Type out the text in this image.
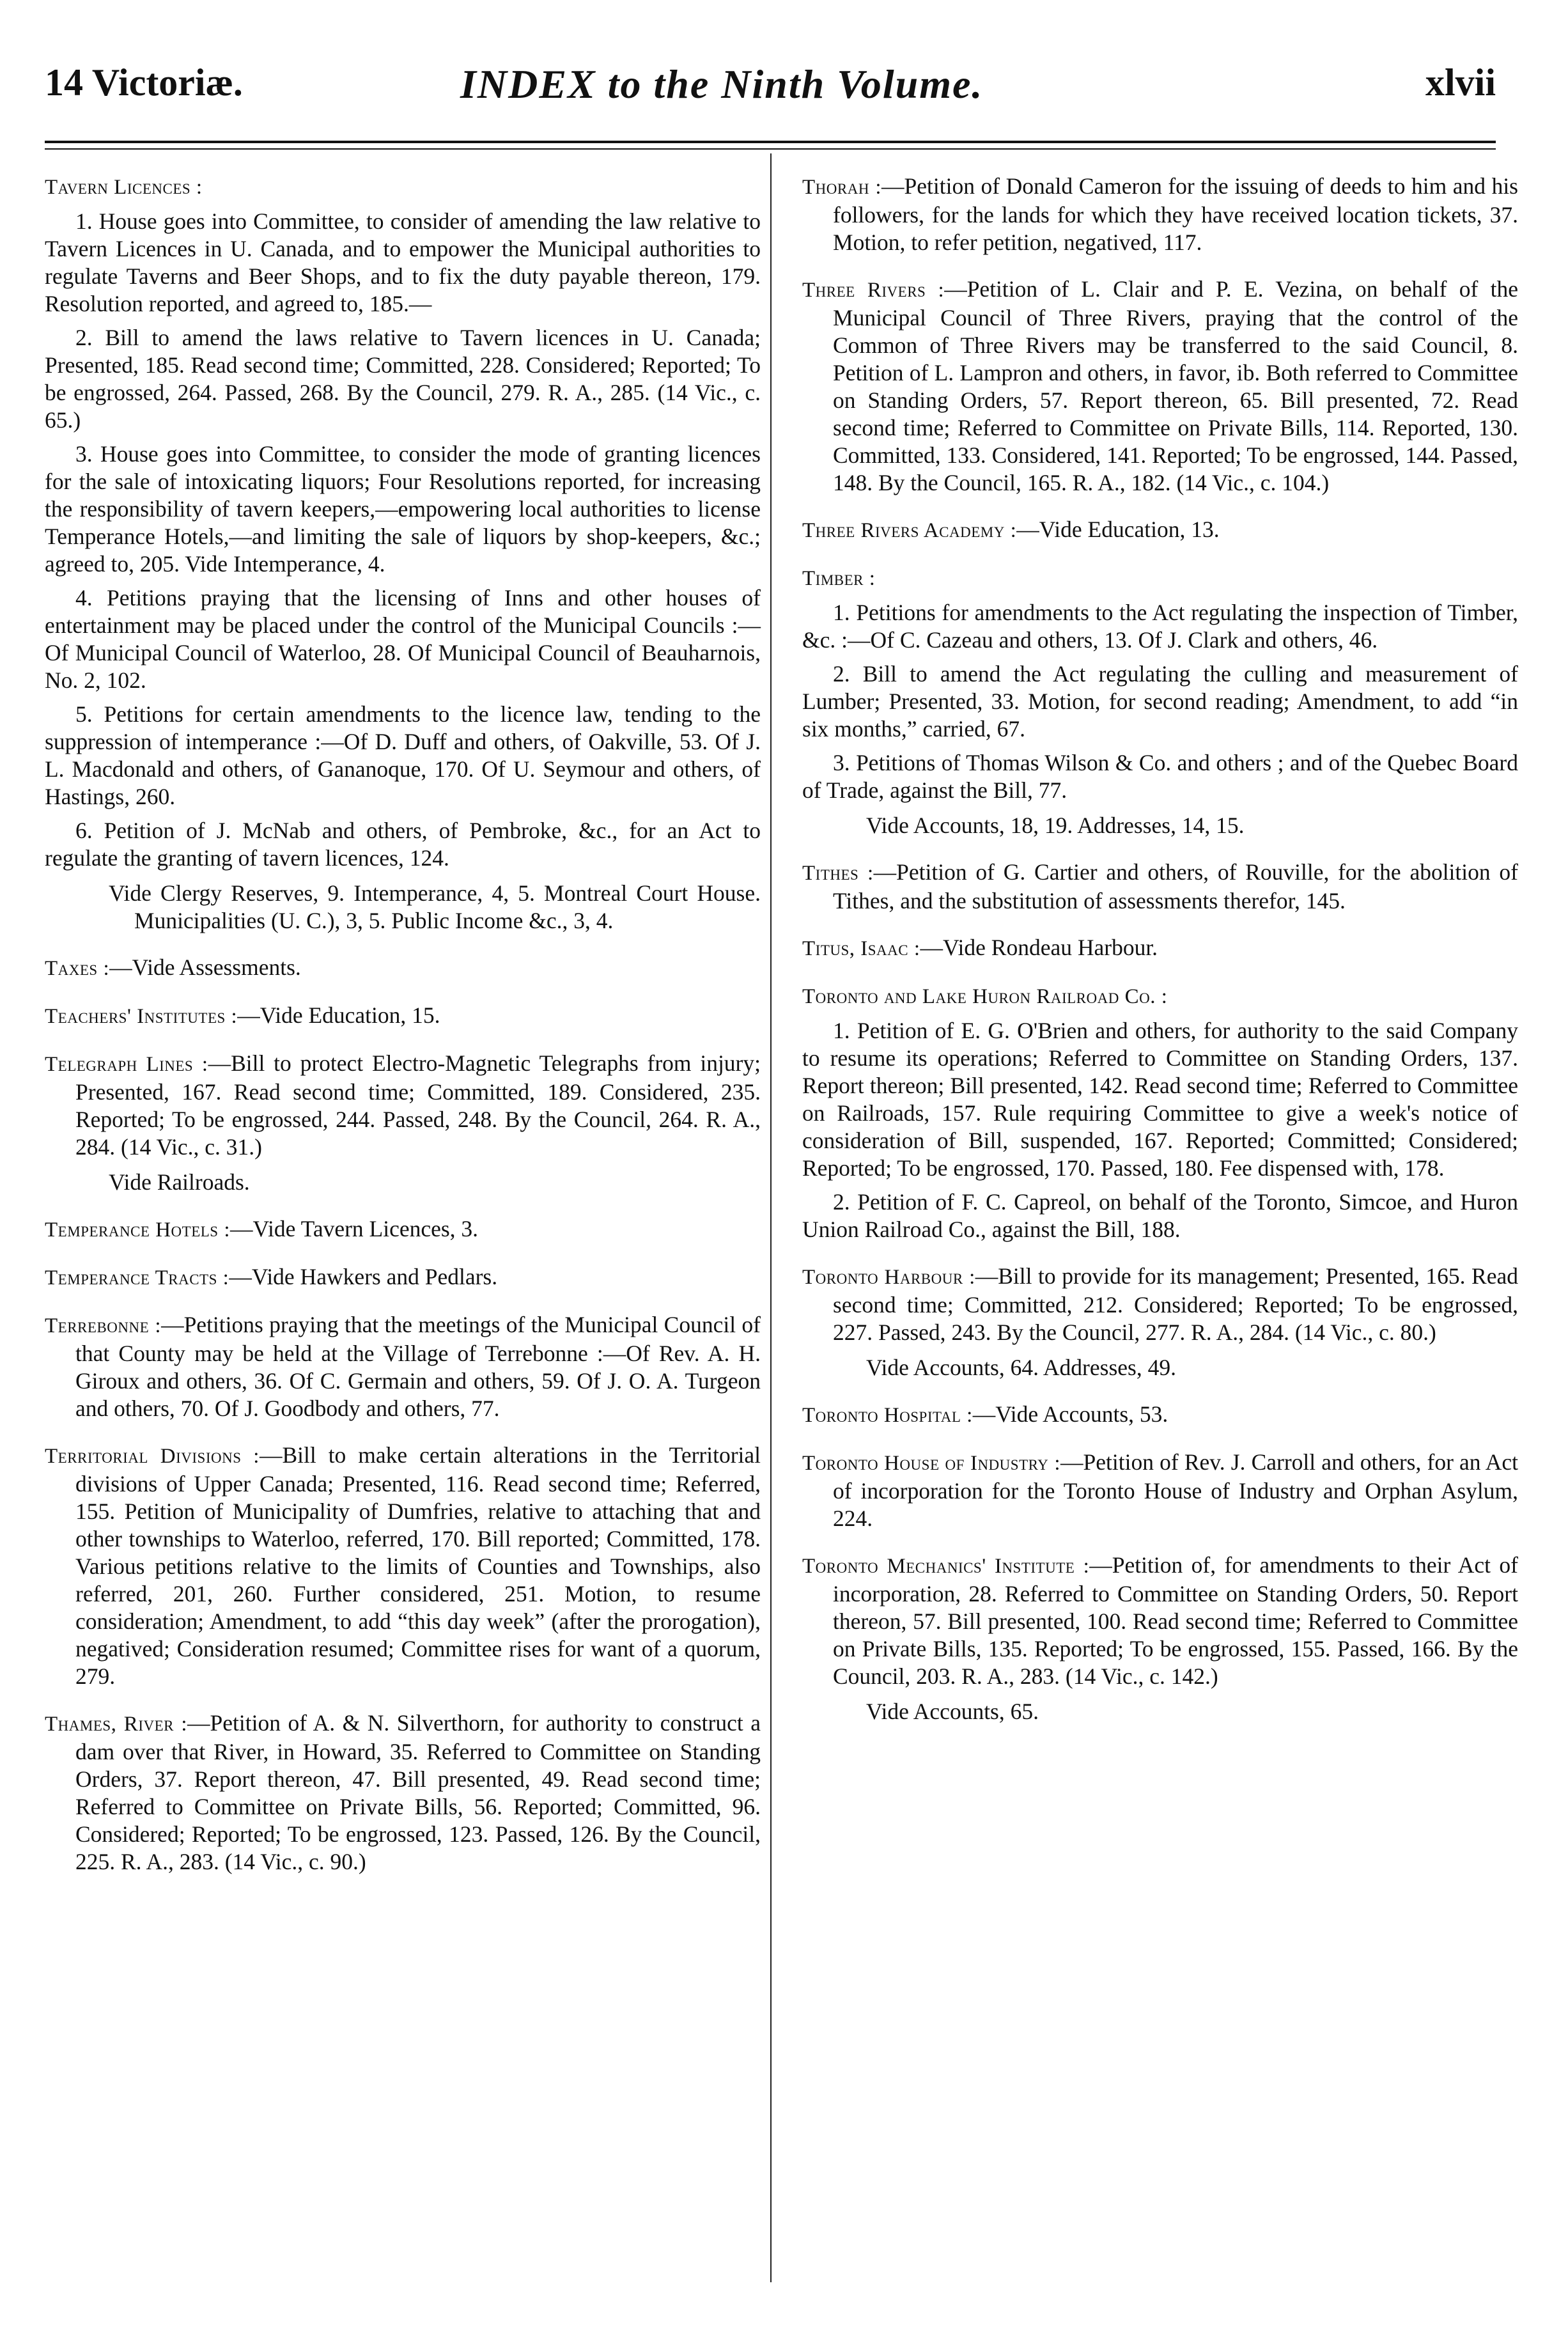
14 Victoriæ.	INDEX to the Ninth Volume.	xlvii

Tavern Licences :

1. House goes into Committee, to consider of amending the law relative to Tavern Licences in U. Canada, and to empower the Municipal authorities to regulate Taverns and Beer Shops, and to fix the duty payable thereon, 179. Resolution reported, and agreed to, 185.—

2. Bill to amend the laws relative to Tavern licences in U. Canada; Presented, 185. Read second time; Committed, 228. Considered; Reported; To be engrossed, 264. Passed, 268. By the Council, 279. R. A., 285. (14 Vic., c. 65.)

3. House goes into Committee, to consider the mode of granting licences for the sale of intoxicating liquors; Four Resolutions reported, for increasing the responsibility of tavern keepers,—empowering local authorities to license Temperance Hotels,—and limiting the sale of liquors by shop-keepers, &c.; agreed to, 205. Vide Intemperance, 4.

4. Petitions praying that the licensing of Inns and other houses of entertainment may be placed under the control of the Municipal Councils :—Of Municipal Council of Waterloo, 28. Of Municipal Council of Beauharnois, No. 2, 102.

5. Petitions for certain amendments to the licence law, tending to the suppression of intemperance :—Of D. Duff and others, of Oakville, 53. Of J. L. Macdonald and others, of Gananoque, 170. Of U. Seymour and others, of Hastings, 260.

6. Petition of J. McNab and others, of Pembroke, &c., for an Act to regulate the granting of tavern licences, 124.

Vide Clergy Reserves, 9. Intemperance, 4, 5. Montreal Court House. Municipalities (U. C.), 3, 5. Public Income &c., 3, 4.

Taxes :—Vide Assessments.

Teachers' Institutes :—Vide Education, 15.

Telegraph Lines :—Bill to protect Electro-Magnetic Telegraphs from injury; Presented, 167. Read second time; Committed, 189. Considered, 235. Reported; To be engrossed, 244. Passed, 248. By the Council, 264. R. A., 284. (14 Vic., c. 31.)

Vide Railroads.

Temperance Hotels :—Vide Tavern Licences, 3.

Temperance Tracts :—Vide Hawkers and Pedlars.

Terrebonne :—Petitions praying that the meetings of the Municipal Council of that County may be held at the Village of Terrebonne :—Of Rev. A. H. Giroux and others, 36. Of C. Germain and others, 59. Of J. O. A. Turgeon and others, 70. Of J. Goodbody and others, 77.

Territorial Divisions :—Bill to make certain alterations in the Territorial divisions of Upper Canada; Presented, 116. Read second time; Referred, 155. Petition of Municipality of Dumfries, relative to attaching that and other townships to Waterloo, referred, 170. Bill reported; Committed, 178. Various petitions relative to the limits of Counties and Townships, also referred, 201, 260. Further considered, 251. Motion, to resume consideration; Amendment, to add “this day week” (after the prorogation), negatived; Consideration resumed; Committee rises for want of a quorum, 279.

Thames, River :—Petition of A. & N. Silverthorn, for authority to construct a dam over that River, in Howard, 35. Referred to Committee on Standing Orders, 37. Report thereon, 47. Bill presented, 49. Read second time; Referred to Committee on Private Bills, 56. Reported; Committed, 96. Considered; Reported; To be engrossed, 123. Passed, 126. By the Council, 225. R. A., 283. (14 Vic., c. 90.)

Thorah :—Petition of Donald Cameron for the issuing of deeds to him and his followers, for the lands for which they have received location tickets, 37. Motion, to refer petition, negatived, 117.

Three Rivers :—Petition of L. Clair and P. E. Vezina, on behalf of the Municipal Council of Three Rivers, praying that the control of the Common of Three Rivers may be transferred to the said Council, 8. Petition of L. Lampron and others, in favor, ib. Both referred to Committee on Standing Orders, 57. Report thereon, 65. Bill presented, 72. Read second time; Referred to Committee on Private Bills, 114. Reported, 130. Committed, 133. Considered, 141. Reported; To be engrossed, 144. Passed, 148. By the Council, 165. R. A., 182. (14 Vic., c. 104.)

Three Rivers Academy :—Vide Education, 13.

Timber :

1. Petitions for amendments to the Act regulating the inspection of Timber, &c. :—Of C. Cazeau and others, 13. Of J. Clark and others, 46.

2. Bill to amend the Act regulating the culling and measurement of Lumber; Presented, 33. Motion, for second reading; Amendment, to add “in six months,” carried, 67.

3. Petitions of Thomas Wilson & Co. and others ; and of the Quebec Board of Trade, against the Bill, 77.

Vide Accounts, 18, 19. Addresses, 14, 15.

Tithes :—Petition of G. Cartier and others, of Rouville, for the abolition of Tithes, and the substitution of assessments therefor, 145.

Titus, Isaac :—Vide Rondeau Harbour.

Toronto and Lake Huron Railroad Co. :

1. Petition of E. G. O'Brien and others, for authority to the said Company to resume its operations; Referred to Committee on Standing Orders, 137. Report thereon; Bill presented, 142. Read second time; Referred to Committee on Railroads, 157. Rule requiring Committee to give a week's notice of consideration of Bill, suspended, 167. Reported; Committed; Considered; Reported; To be engrossed, 170. Passed, 180. Fee dispensed with, 178.

2. Petition of F. C. Capreol, on behalf of the Toronto, Simcoe, and Huron Union Railroad Co., against the Bill, 188.

Toronto Harbour :—Bill to provide for its management; Presented, 165. Read second time; Committed, 212. Considered; Reported; To be engrossed, 227. Passed, 243. By the Council, 277. R. A., 284. (14 Vic., c. 80.)

Vide Accounts, 64. Addresses, 49.

Toronto Hospital :—Vide Accounts, 53.

Toronto House of Industry :—Petition of Rev. J. Carroll and others, for an Act of incorporation for the Toronto House of Industry and Orphan Asylum, 224.

Toronto Mechanics' Institute :—Petition of, for amendments to their Act of incorporation, 28. Referred to Committee on Standing Orders, 50. Report thereon, 57. Bill presented, 100. Read second time; Referred to Committee on Private Bills, 135. Reported; To be engrossed, 155. Passed, 166. By the Council, 203. R. A., 283. (14 Vic., c. 142.)

Vide Accounts, 65.
